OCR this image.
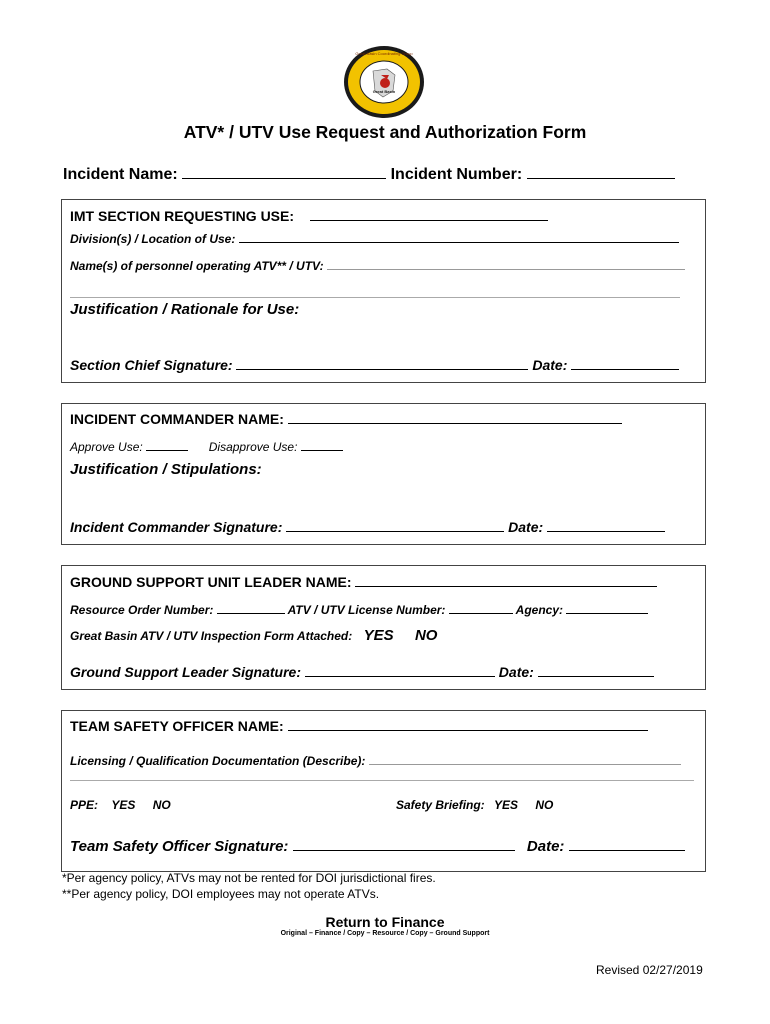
Great Basin Coordinating Group
Great Basin
ATV* / UTV Use Request and Authorization Form
Incident Name:	Incident Number:
IMT SECTION REQUESTING USE:
Division(s) / Location of Use:
Name(s) of personnel operating ATV** / UTV:
Justification / Rationale for Use:
Section Chief Signature:	Date:
INCIDENT COMMANDER NAME:
Approve Use:	Disapprove Use:
Justification / Stipulations:
Incident Commander Signature:	Date:
GROUND SUPPORT UNIT LEADER NAME:
Resource Order Number:	ATV / UTV License Number:	Agency:
Great Basin ATV / UTV Inspection Form Attached: YES NO
Ground Support Leader Signature:	Date:
TEAM SAFETY OFFICER NAME:
Licensing / Qualification Documentation (Describe):
PPE: YES NO	Safety Briefing: YES NO
Team Safety Officer Signature:	Date:
*Per agency policy, ATVs may not be rented for DOI jurisdictional fires.
**Per agency policy, DOI employees may not operate ATVs.
Return to Finance
Original – Finance / Copy – Resource / Copy – Ground Support
Revised 02/27/2019
